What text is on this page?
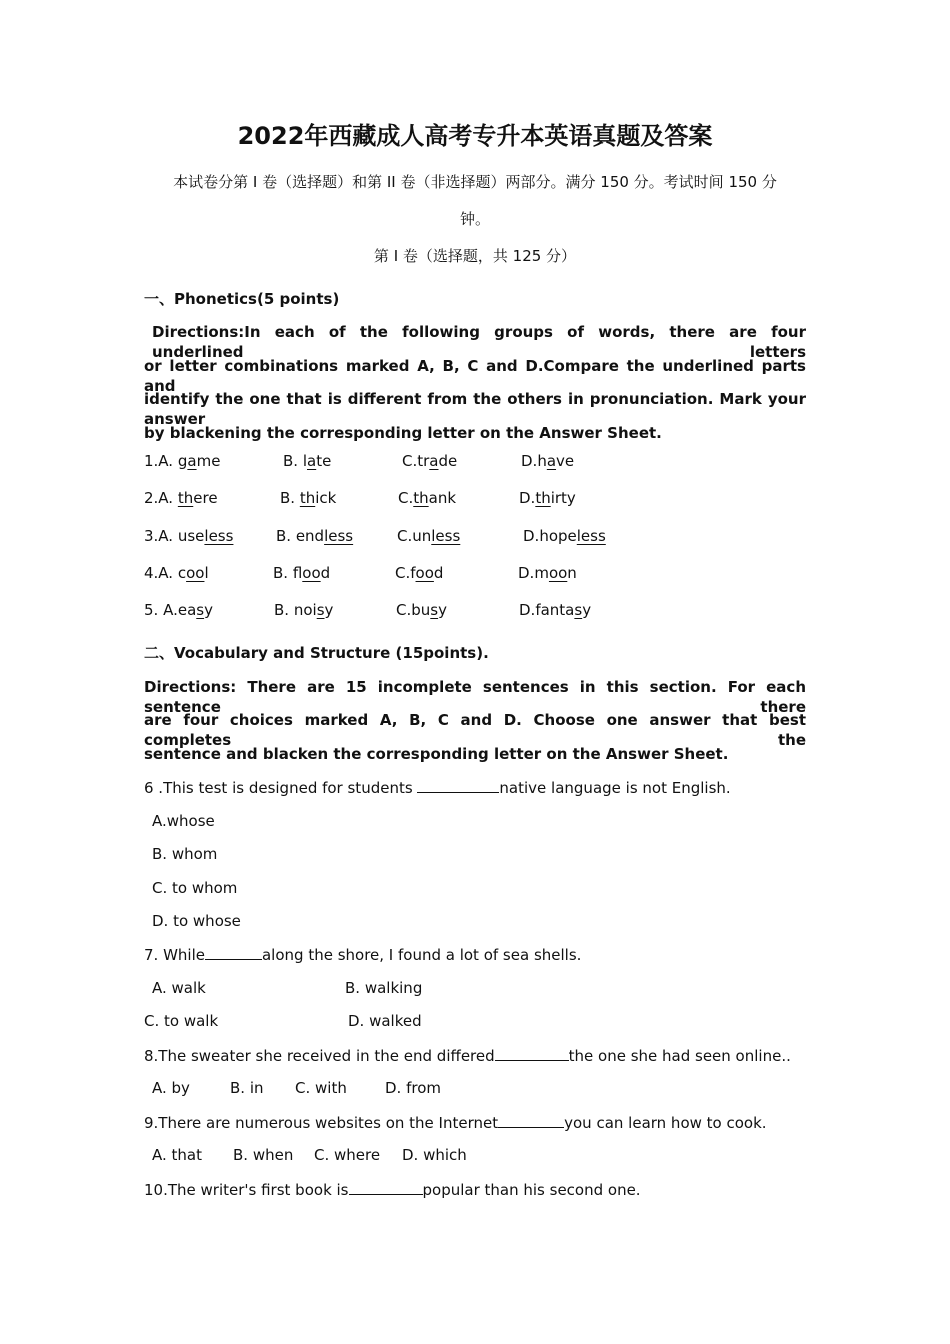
2022年西藏成人高考专升本英语真题及答案
本试卷分第 I 卷（选择题）和第 II 卷（非选择题）两部分。满分 150 分。考试时间 150 分
钟。
第 I 卷（选择题，共 125 分）
一、Phonetics(5 points)
Directions:In each of the following groups of words, there are four underlined letters
or letter combinations marked A, B, C and D.Compare the underlined parts and
identify the one that is different from the others in pronunciation. Mark your answer
by blackening the corresponding letter on the Answer Sheet.
1.A. game	B. late	C.trade	D.have
2.A. there	B. thick	C.thank	D.thirty
3.A. useless	B. endless	C.unless	D.hopeless
4.A. cool	B. flood	C.food	D.moon
5. A.easy	B. noisy	C.busy	D.fantasy
二、Vocabulary and Structure (15points).
Directions: There are 15 incomplete sentences in this section. For each sentence there
are four choices marked A, B, C and D. Choose one answer that best completes the
sentence and blacken the corresponding letter on the Answer Sheet.
6 .This test is designed for students	native language is not English.
A.whose
B. whom
C. to whom
D. to whose
7. While	along the shore, I found a lot of sea shells.
A. walk	B. walking
C. to walk	D. walked
8.The sweater she received in the end differed	the one she had seen online..
A. by	B. in C. with	D. from
9.There are numerous websites on the Internet	you can learn how to cook.
A. that B. when C. where D. which
10.The writer's first book is	popular than his second one.
